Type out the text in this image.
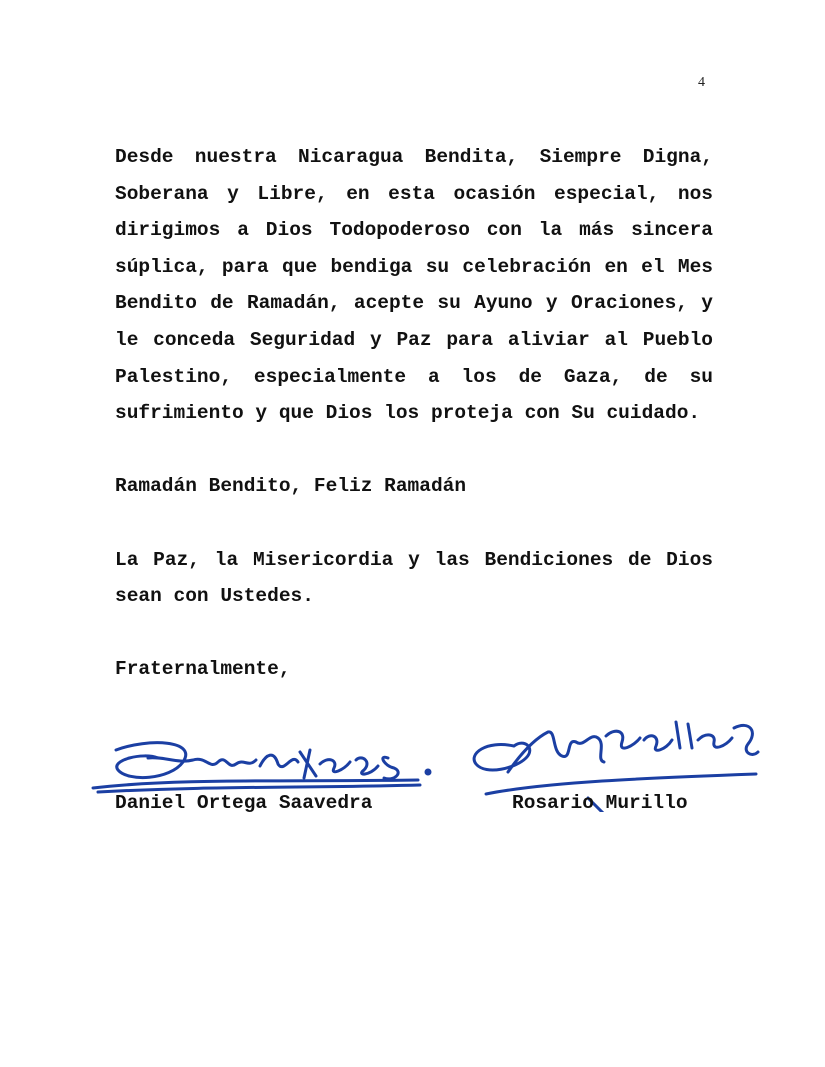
4

Desde nuestra Nicaragua Bendita, Siempre Digna, Soberana y Libre, en esta ocasión especial, nos dirigimos a Dios Todopoderoso con la más sincera súplica, para que bendiga su celebración en el Mes Bendito de Ramadán, acepte su Ayuno y Oraciones, y le conceda Seguridad y Paz para aliviar al Pueblo Palestino, especialmente a los de Gaza, de su sufrimiento y que Dios los proteja con Su cuidado.

Ramadán Bendito, Feliz Ramadán

La Paz, la Misericordia y las Bendiciones de Dios sean con Ustedes.

Fraternalmente,

Daniel Ortega Saavedra	Rosario Murillo
